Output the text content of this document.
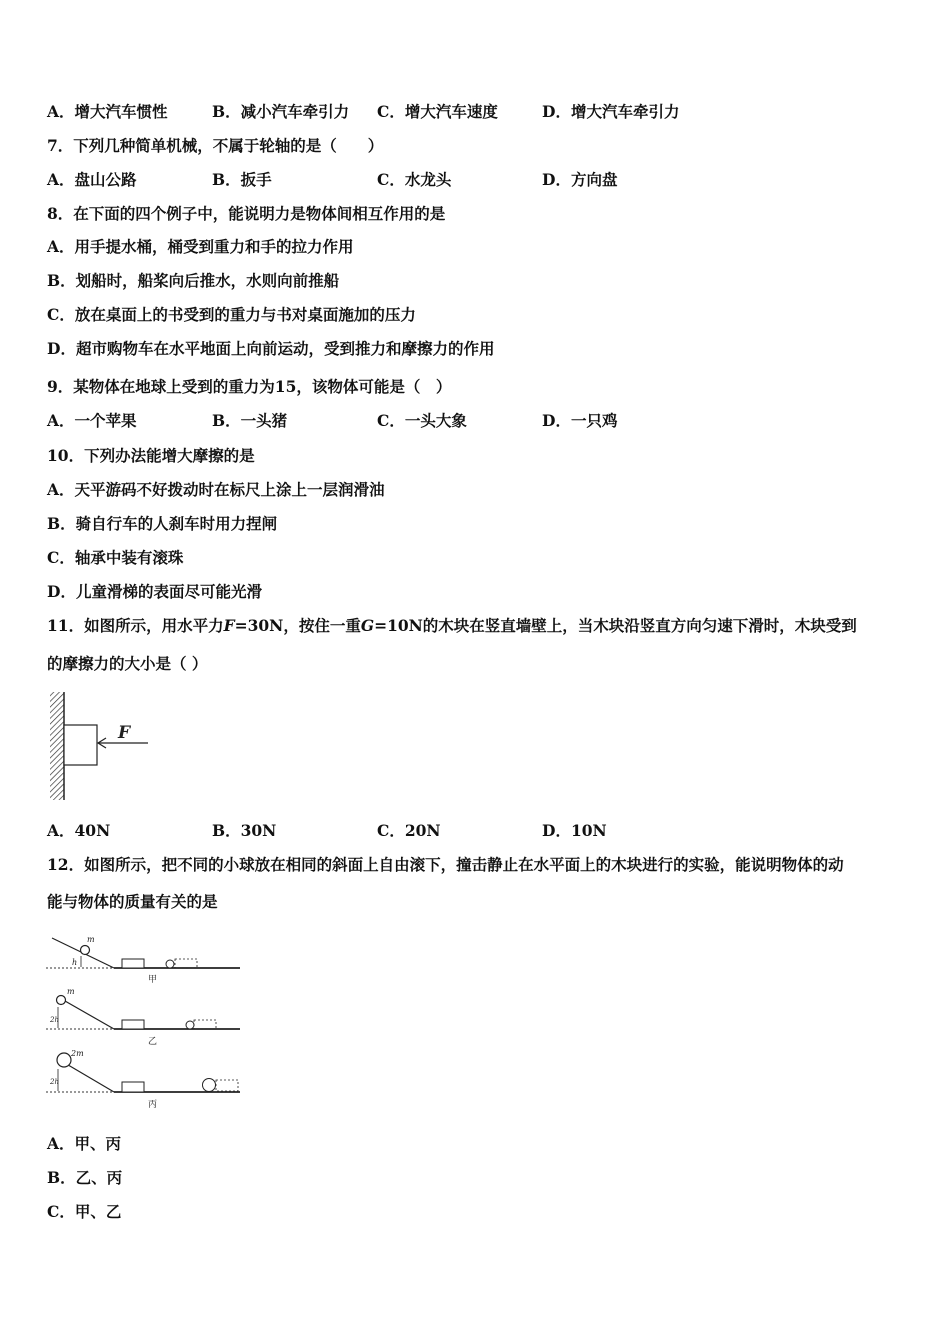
A．增大汽车惯性	B．减小汽车牵引力 C．增大汽车速度	D．增大汽车牵引力
7．下列几种简单机械，不属于轮轴的是（　　）
A．盘山公路	B．扳手	C．水龙头	D．方向盘
8．在下面的四个例子中，能说明力是物体间相互作用的是
A．用手提水桶，桶受到重力和手的拉力作用
B．划船时，船桨向后推水，水则向前推船
C．放在桌面上的书受到的重力与书对桌面施加的压力
D．超市购物车在水平地面上向前运动，受到推力和摩擦力的作用
9．某物体在地球上受到的重力为15，该物体可能是（　）
A．一个苹果	B．一头猪	C．一头大象	D．一只鸡
10．下列办法能增大摩擦的是
A．天平游码不好拨动时在标尺上涂上一层润滑油
B．骑自行车的人刹车时用力捏闸
C．轴承中装有滚珠
D．儿童滑梯的表面尽可能光滑
11．如图所示，用水平力F=30N，按住一重G=10N的木块在竖直墙壁上，当木块沿竖直方向匀速下滑时，木块受到
的摩擦力的大小是（ ）
F
A．40N	B．30N	C．20N	D．10N
12．如图所示，把不同的小球放在相同的斜面上自由滚下，撞击静止在水平面上的木块进行的实验，能说明物体的动
能与物体的质量有关的是
m
h
甲
m
2h
乙
2m
2h
丙
A．甲、丙
B．乙、丙
C．甲、乙
